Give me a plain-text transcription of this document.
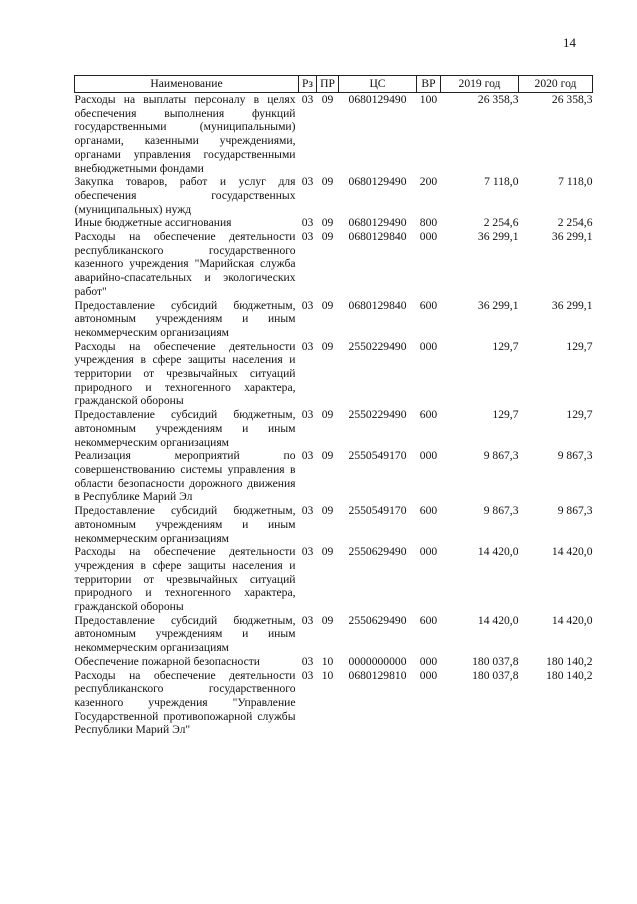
14
Наименование	Рз	ПР	ЦС	ВР	2019 год	2020 год
Расходы на выплаты персоналу в целях обеспечения выполнения функций государственными (муниципальными) органами, казенными учреждениями, органами управления государственными внебюджетными фондами	03	09	0680129490	100	26 358,3	26 358,3
Закупка товаров, работ и услуг для обеспечения государственных (муниципальных) нужд	03	09	0680129490	200	7 118,0	7 118,0
Иные бюджетные ассигнования	03	09	0680129490	800	2 254,6	2 254,6
Расходы на обеспечение деятельности республиканского государственного казенного учреждения "Марийская служба аварийно-спасательных и экологических работ"	03	09	0680129840	000	36 299,1	36 299,1
Предоставление субсидий бюджетным, автономным учреждениям и иным некоммерческим организациям	03	09	0680129840	600	36 299,1	36 299,1
Расходы на обеспечение деятельности учреждения в сфере защиты населения и территории от чрезвычайных ситуаций природного и техногенного характера, гражданской обороны	03	09	2550229490	000	129,7	129,7
Предоставление субсидий бюджетным, автономным учреждениям и иным некоммерческим организациям	03	09	2550229490	600	129,7	129,7
Реализация мероприятий по совершенствованию системы управления в области безопасности дорожного движения в Республике Марий Эл	03	09	2550549170	000	9 867,3	9 867,3
Предоставление субсидий бюджетным, автономным учреждениям и иным некоммерческим организациям	03	09	2550549170	600	9 867,3	9 867,3
Расходы на обеспечение деятельности учреждения в сфере защиты населения и территории от чрезвычайных ситуаций природного и техногенного характера, гражданской обороны	03	09	2550629490	000	14 420,0	14 420,0
Предоставление субсидий бюджетным, автономным учреждениям и иным некоммерческим организациям	03	09	2550629490	600	14 420,0	14 420,0
Обеспечение пожарной безопасности	03	10	0000000000	000	180 037,8	180 140,2
Расходы на обеспечение деятельности республиканского государственного казенного учреждения "Управление Государственной противопожарной службы Республики Марий Эл"	03	10	0680129810	000	180 037,8	180 140,2
